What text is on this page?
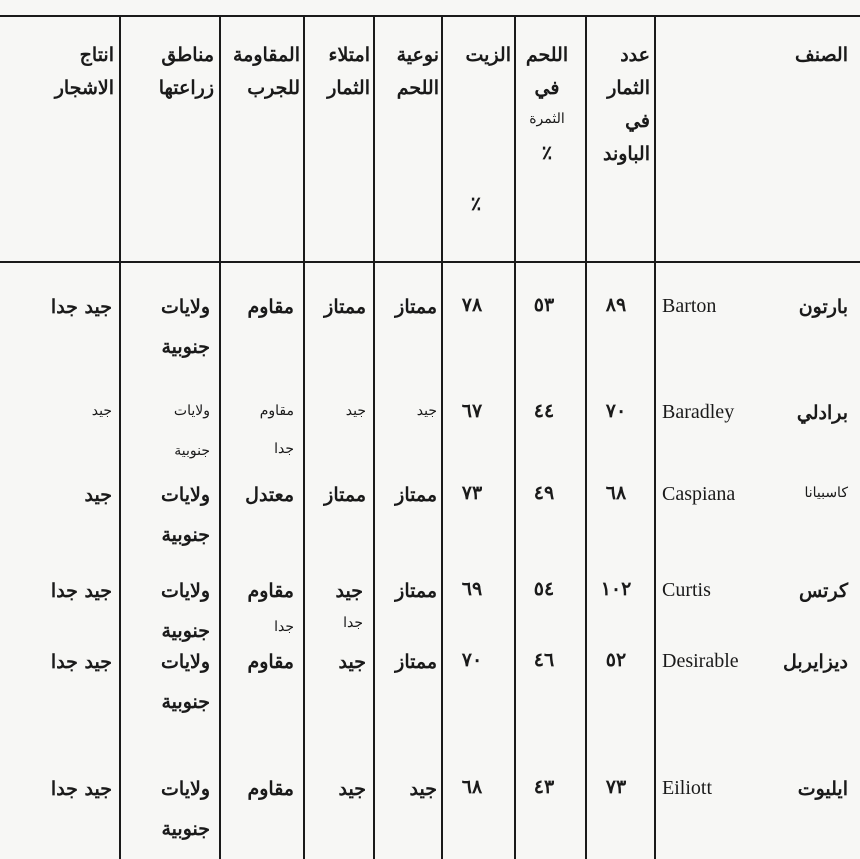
الصنف
عدد
الثمار
في
الباوند
اللحم
في
الثمرة
٪
الزيت
٪
نوعية
اللحم
امتلاء
الثمار
المقاومة
للجرب
مناطق
زراعتها
انتاج
الاشجار
بارتون
Barton
٨٩
٥٣
٧٨
ممتاز
ممتاز
مقاوم
ولايات
جنوبية
جيد جدا
برادلي
Baradley
٧٠
٤٤
٦٧
جيد
جيد
مقاوم
جدا
ولايات
جنوبية
جيد
كاسبيانا
Caspiana
٦٨
٤٩
٧٣
ممتاز
ممتاز
معتدل
ولايات
جنوبية
جيد
كرتس
Curtis
١٠٢
٥٤
٦٩
ممتاز
جيد
جدا
مقاوم
جدا
ولايات
جنوبية
جيد جدا
ديزايربل
Desirable
٥٢
٤٦
٧٠
ممتاز
جيد
مقاوم
ولايات
جنوبية
جيد جدا
ايليوت
Eiliott
٧٣
٤٣
٦٨
جيد
جيد
مقاوم
ولايات
جنوبية
جيد جدا
